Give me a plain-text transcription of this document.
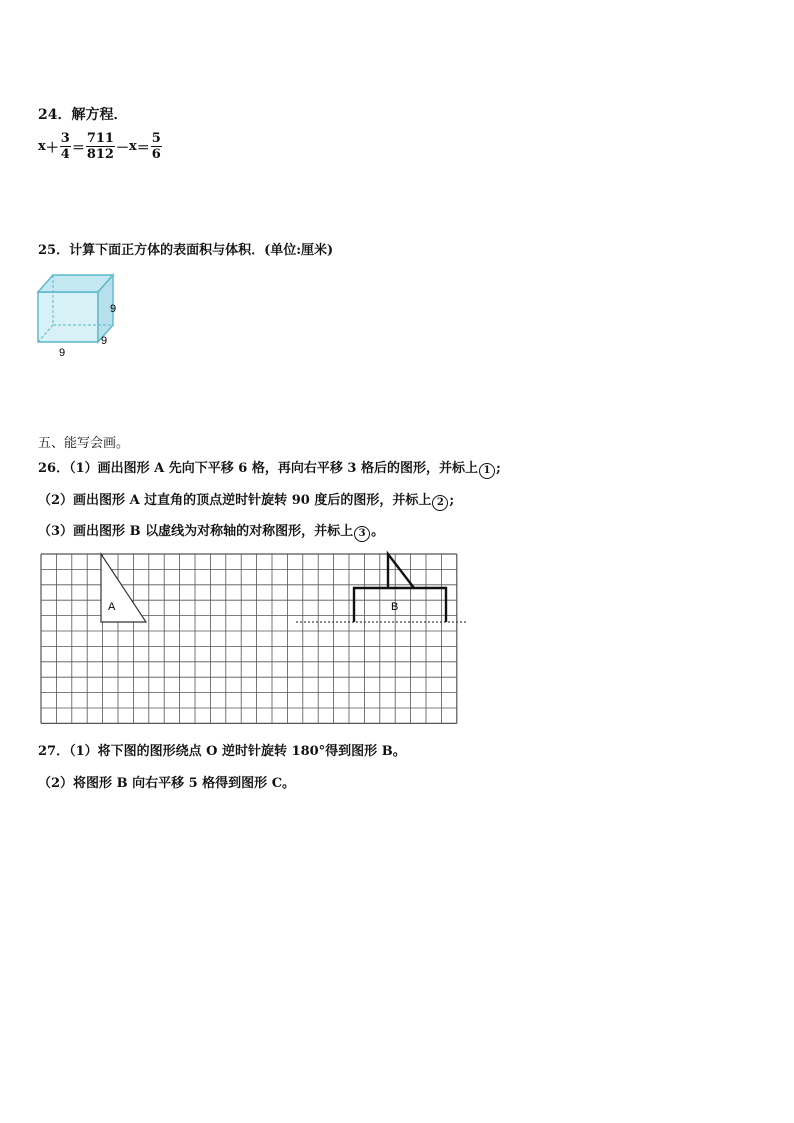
24．解方程．
$x + \frac{3}{4} = \frac{711}{812} - x = \frac{5}{6}$
25．计算下面正方体的表面积与体积．(单位:厘米)
9
9
9
五、能写会画。
26．（1）画出图形 A 先向下平移 6 格，再向右平移 3 格后的图形，并标上 1 ;
（2）画出图形 A 过直角的顶点逆时针旋转 90 度后的图形，并标上 2 ;
（3）画出图形 B 以虚线为对称轴的对称图形，并标上 3 。
A	B
27．（1）将下图的图形绕点 O 逆时针旋转 180°得到图形 B。
（2）将图形 B 向右平移 5 格得到图形 C。
